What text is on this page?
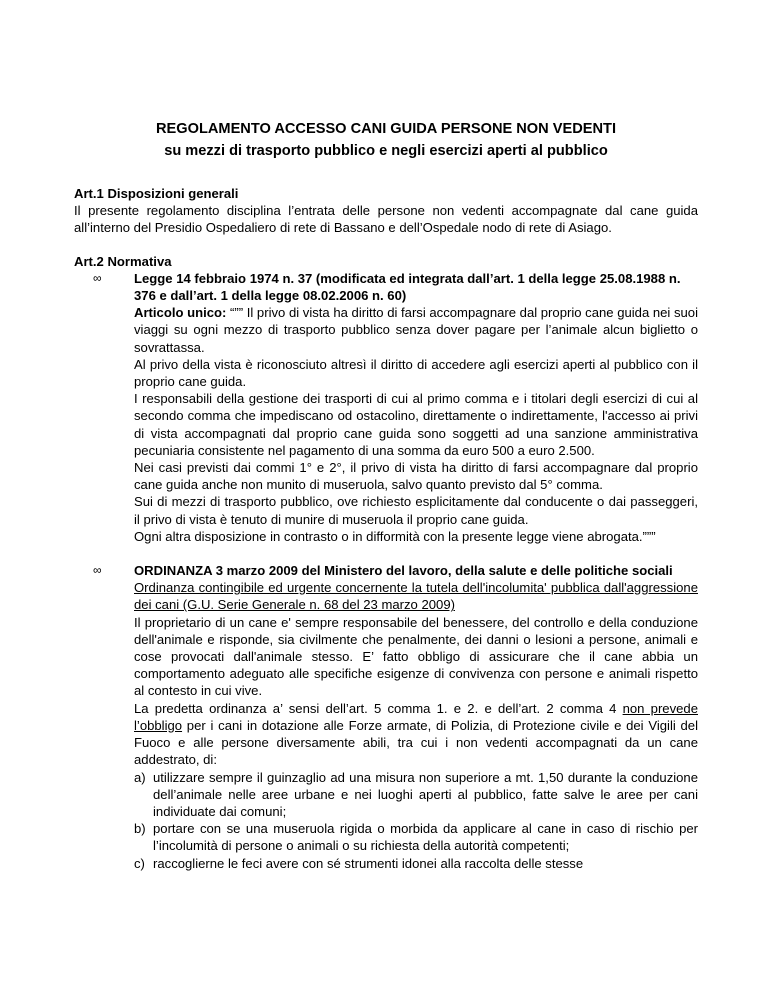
REGOLAMENTO ACCESSO CANI GUIDA PERSONE NON VEDENTI
su mezzi di trasporto pubblico e negli esercizi aperti al pubblico
Art.1 Disposizioni generali

Il presente regolamento disciplina l’entrata delle persone non vedenti accompagnate dal cane guida all’interno del Presidio Ospedaliero di rete di Bassano e dell’Ospedale nodo di rete di Asiago.

Art.2 Normativa
∞ Legge 14 febbraio 1974 n. 37 (modificata ed integrata dall’art. 1 della legge 25.08.1988 n. 376 e dall’art. 1 della legge 08.02.2006 n. 60)

Articolo unico: “”” Il privo di vista ha diritto di farsi accompagnare dal proprio cane guida nei suoi viaggi su ogni mezzo di trasporto pubblico senza dover pagare per l’animale alcun biglietto o sovrattassa.

Al privo della vista è riconosciuto altresì il diritto di accedere agli esercizi aperti al pubblico con il proprio cane guida.

I responsabili della gestione dei trasporti di cui al primo comma e i titolari degli esercizi di cui al secondo comma che impediscano od ostacolino, direttamente o indirettamente, l'accesso ai privi di vista accompagnati dal proprio cane guida sono soggetti ad una sanzione amministrativa pecuniaria consistente nel pagamento di una somma da euro 500 a euro 2.500.

Nei casi previsti dai commi 1° e 2°, il privo di vista ha diritto di farsi accompagnare dal proprio cane guida anche non munito di museruola, salvo quanto previsto dal 5° comma.

Sui di mezzi di trasporto pubblico, ove richiesto esplicitamente dal conducente o dai passeggeri, il privo di vista è tenuto di munire di museruola il proprio cane guida.

Ogni altra disposizione in contrasto o in difformità con la presente legge viene abrogata.”””

∞ ORDINANZA 3 marzo 2009 del Ministero del lavoro, della salute e delle politiche sociali

Ordinanza contingibile ed urgente concernente la tutela dell'incolumita' pubblica dall'aggressione dei cani (G.U. Serie Generale n. 68 del 23 marzo 2009)

Il proprietario di un cane e' sempre responsabile del benessere, del controllo e della conduzione dell'animale e risponde, sia civilmente che penalmente, dei danni o lesioni a persone, animali e cose provocati dall'animale stesso. E’ fatto obbligo di assicurare che il cane abbia un comportamento adeguato alle specifiche esigenze di convivenza con persone e animali rispetto al contesto in cui vive.

La predetta ordinanza a’ sensi dell’art. 5 comma 1. e 2. e dell’art. 2 comma 4 non prevede l’obbligo per i cani in dotazione alle Forze armate, di Polizia, di Protezione civile e dei Vigili del Fuoco e alle persone diversamente abili, tra cui i non vedenti accompagnati da un cane addestrato, di:

a) utilizzare sempre il guinzaglio ad una misura non superiore a mt. 1,50 durante la conduzione dell’animale nelle aree urbane e nei luoghi aperti al pubblico, fatte salve le aree per cani individuate dai comuni;
b) portare con se una museruola rigida o morbida da applicare al cane in caso di rischio per l’incolumità di persone o animali o su richiesta della autorità competenti;
c) raccoglierne le feci avere con sé strumenti idonei alla raccolta delle stesse
